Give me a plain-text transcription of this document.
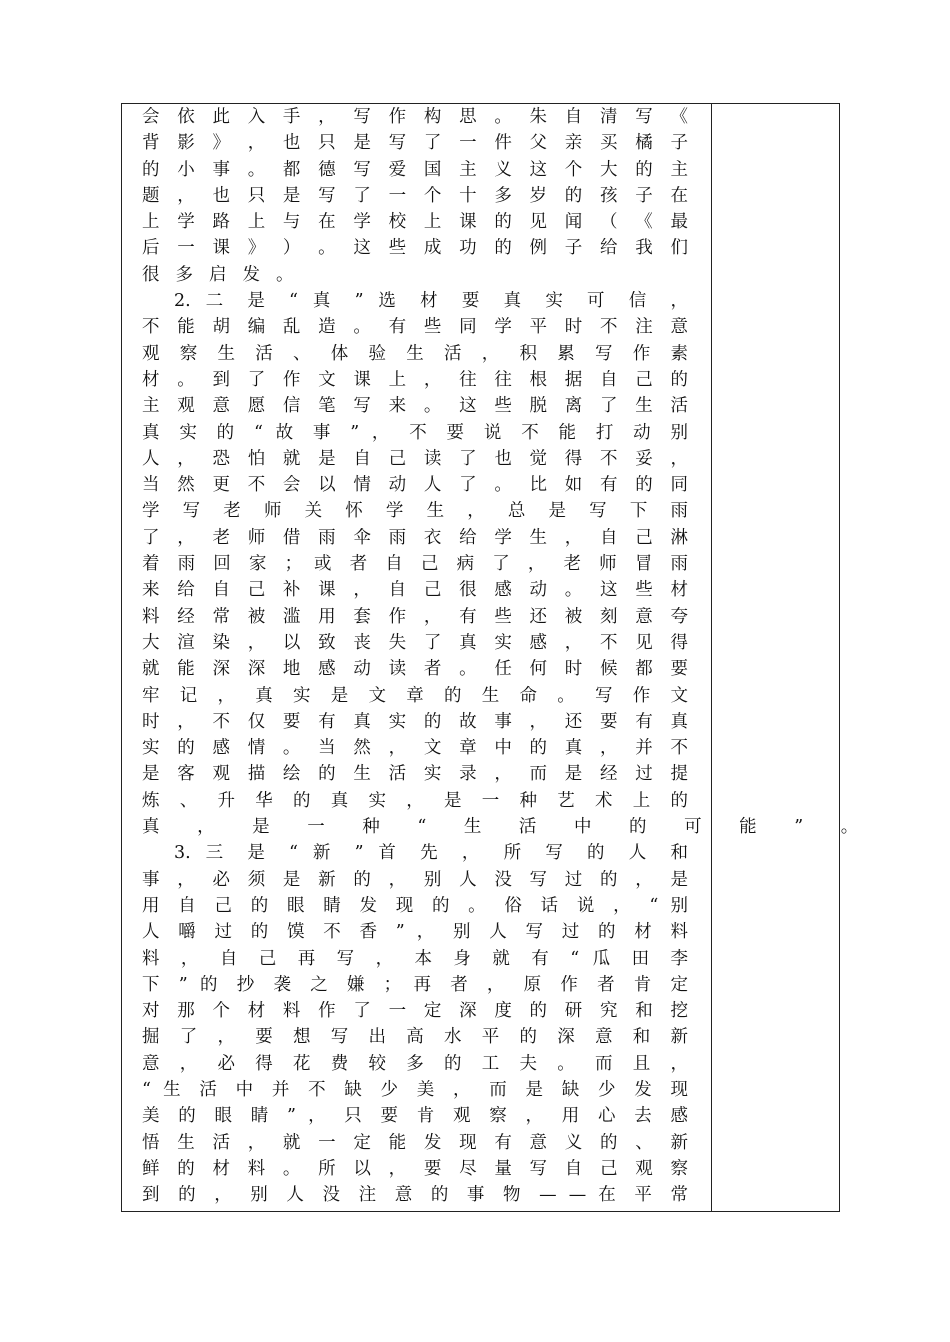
会 依 此 入 手 ， 写 作 构 思 。 朱 自 清 写 《
背 影 》 ， 也 只 是 写 了 一 件 父 亲 买 橘 子
的 小 事 。 都 德 写 爱 国 主 义 这 个 大 的 主
题 ， 也 只 是 写 了 一 个 十 多 岁 的 孩 子 在
上 学 路 上 与 在 学 校 上 课 的 见 闻 （ 《 最
后 一 课 》 ） 。 这 些 成 功 的 例 子 给 我 们
很多启发。
2. 二 是 “ 真 ” 选 材 要 真 实 可 信 ，
不 能 胡 编 乱 造 。 有 些 同 学 平 时 不 注 意
观 察 生 活 、 体 验 生 活 ， 积 累 写 作 素
材 。 到 了 作 文 课 上 ， 往 往 根 据 自 己 的
主 观 意 愿 信 笔 写 来 。 这 些 脱 离 了 生 活
真 实 的 “ 故 事 ” ， 不 要 说 不 能 打 动 别
人 ， 恐 怕 就 是 自 己 读 了 也 觉 得 不 妥 ，
当 然 更 不 会 以 情 动 人 了 。 比 如 有 的 同
学 写 老 师 关 怀 学 生 ， 总 是 写 下 雨
了 ， 老 师 借 雨 伞 雨 衣 给 学 生 ， 自 己 淋
着 雨 回 家 ； 或 者 自 己 病 了 ， 老 师 冒 雨
来 给 自 己 补 课 ， 自 己 很 感 动 。 这 些 材
料 经 常 被 滥 用 套 作 ， 有 些 还 被 刻 意 夸
大 渲 染 ， 以 致 丧 失 了 真 实 感 ， 不 见 得
就 能 深 深 地 感 动 读 者 。 任 何 时 候 都 要
牢 记 ， 真 实 是 文 章 的 生 命 。 写 作 文
时 ， 不 仅 要 有 真 实 的 故 事 ， 还 要 有 真
实 的 感 情 。 当 然 ， 文 章 中 的 真 ， 并 不
是 客 观 描 绘 的 生 活 实 录 ， 而 是 经 过 提
炼 、 升 华 的 真 实 ， 是 一 种 艺 术 上 的
真 ， 是 一 种 “ 生 活 中 的 可 能 ” 。
3. 三 是 “ 新 ” 首 先 ， 所 写 的 人 和
事 ， 必 须 是 新 的 ， 别 人 没 写 过 的 ， 是
用 自 己 的 眼 睛 发 现 的 。 俗 话 说 ， “ 别
人 嚼 过 的 馍 不 香 ” ， 别 人 写 过 的 材 料
料 ， 自 己 再 写 ， 本 身 就 有 “ 瓜 田 李
下 ” 的 抄 袭 之 嫌 ； 再 者 ， 原 作 者 肯 定
对 那 个 材 料 作 了 一 定 深 度 的 研 究 和 挖
掘 了 ， 要 想 写 出 高 水 平 的 深 意 和 新
意 ， 必 得 花 费 较 多 的 工 夫 。 而 且 ，
“ 生 活 中 并 不 缺 少 美 ， 而 是 缺 少 发 现
美 的 眼 睛 ” ， 只 要 肯 观 察 ， 用 心 去 感
悟 生 活 ， 就 一 定 能 发 现 有 意 义 的 、 新
鲜 的 材 料 。 所 以 ， 要 尽 量 写 自 己 观 察
到 的 ， 别 人 没 注 意 的 事 物 — — 在 平 常
